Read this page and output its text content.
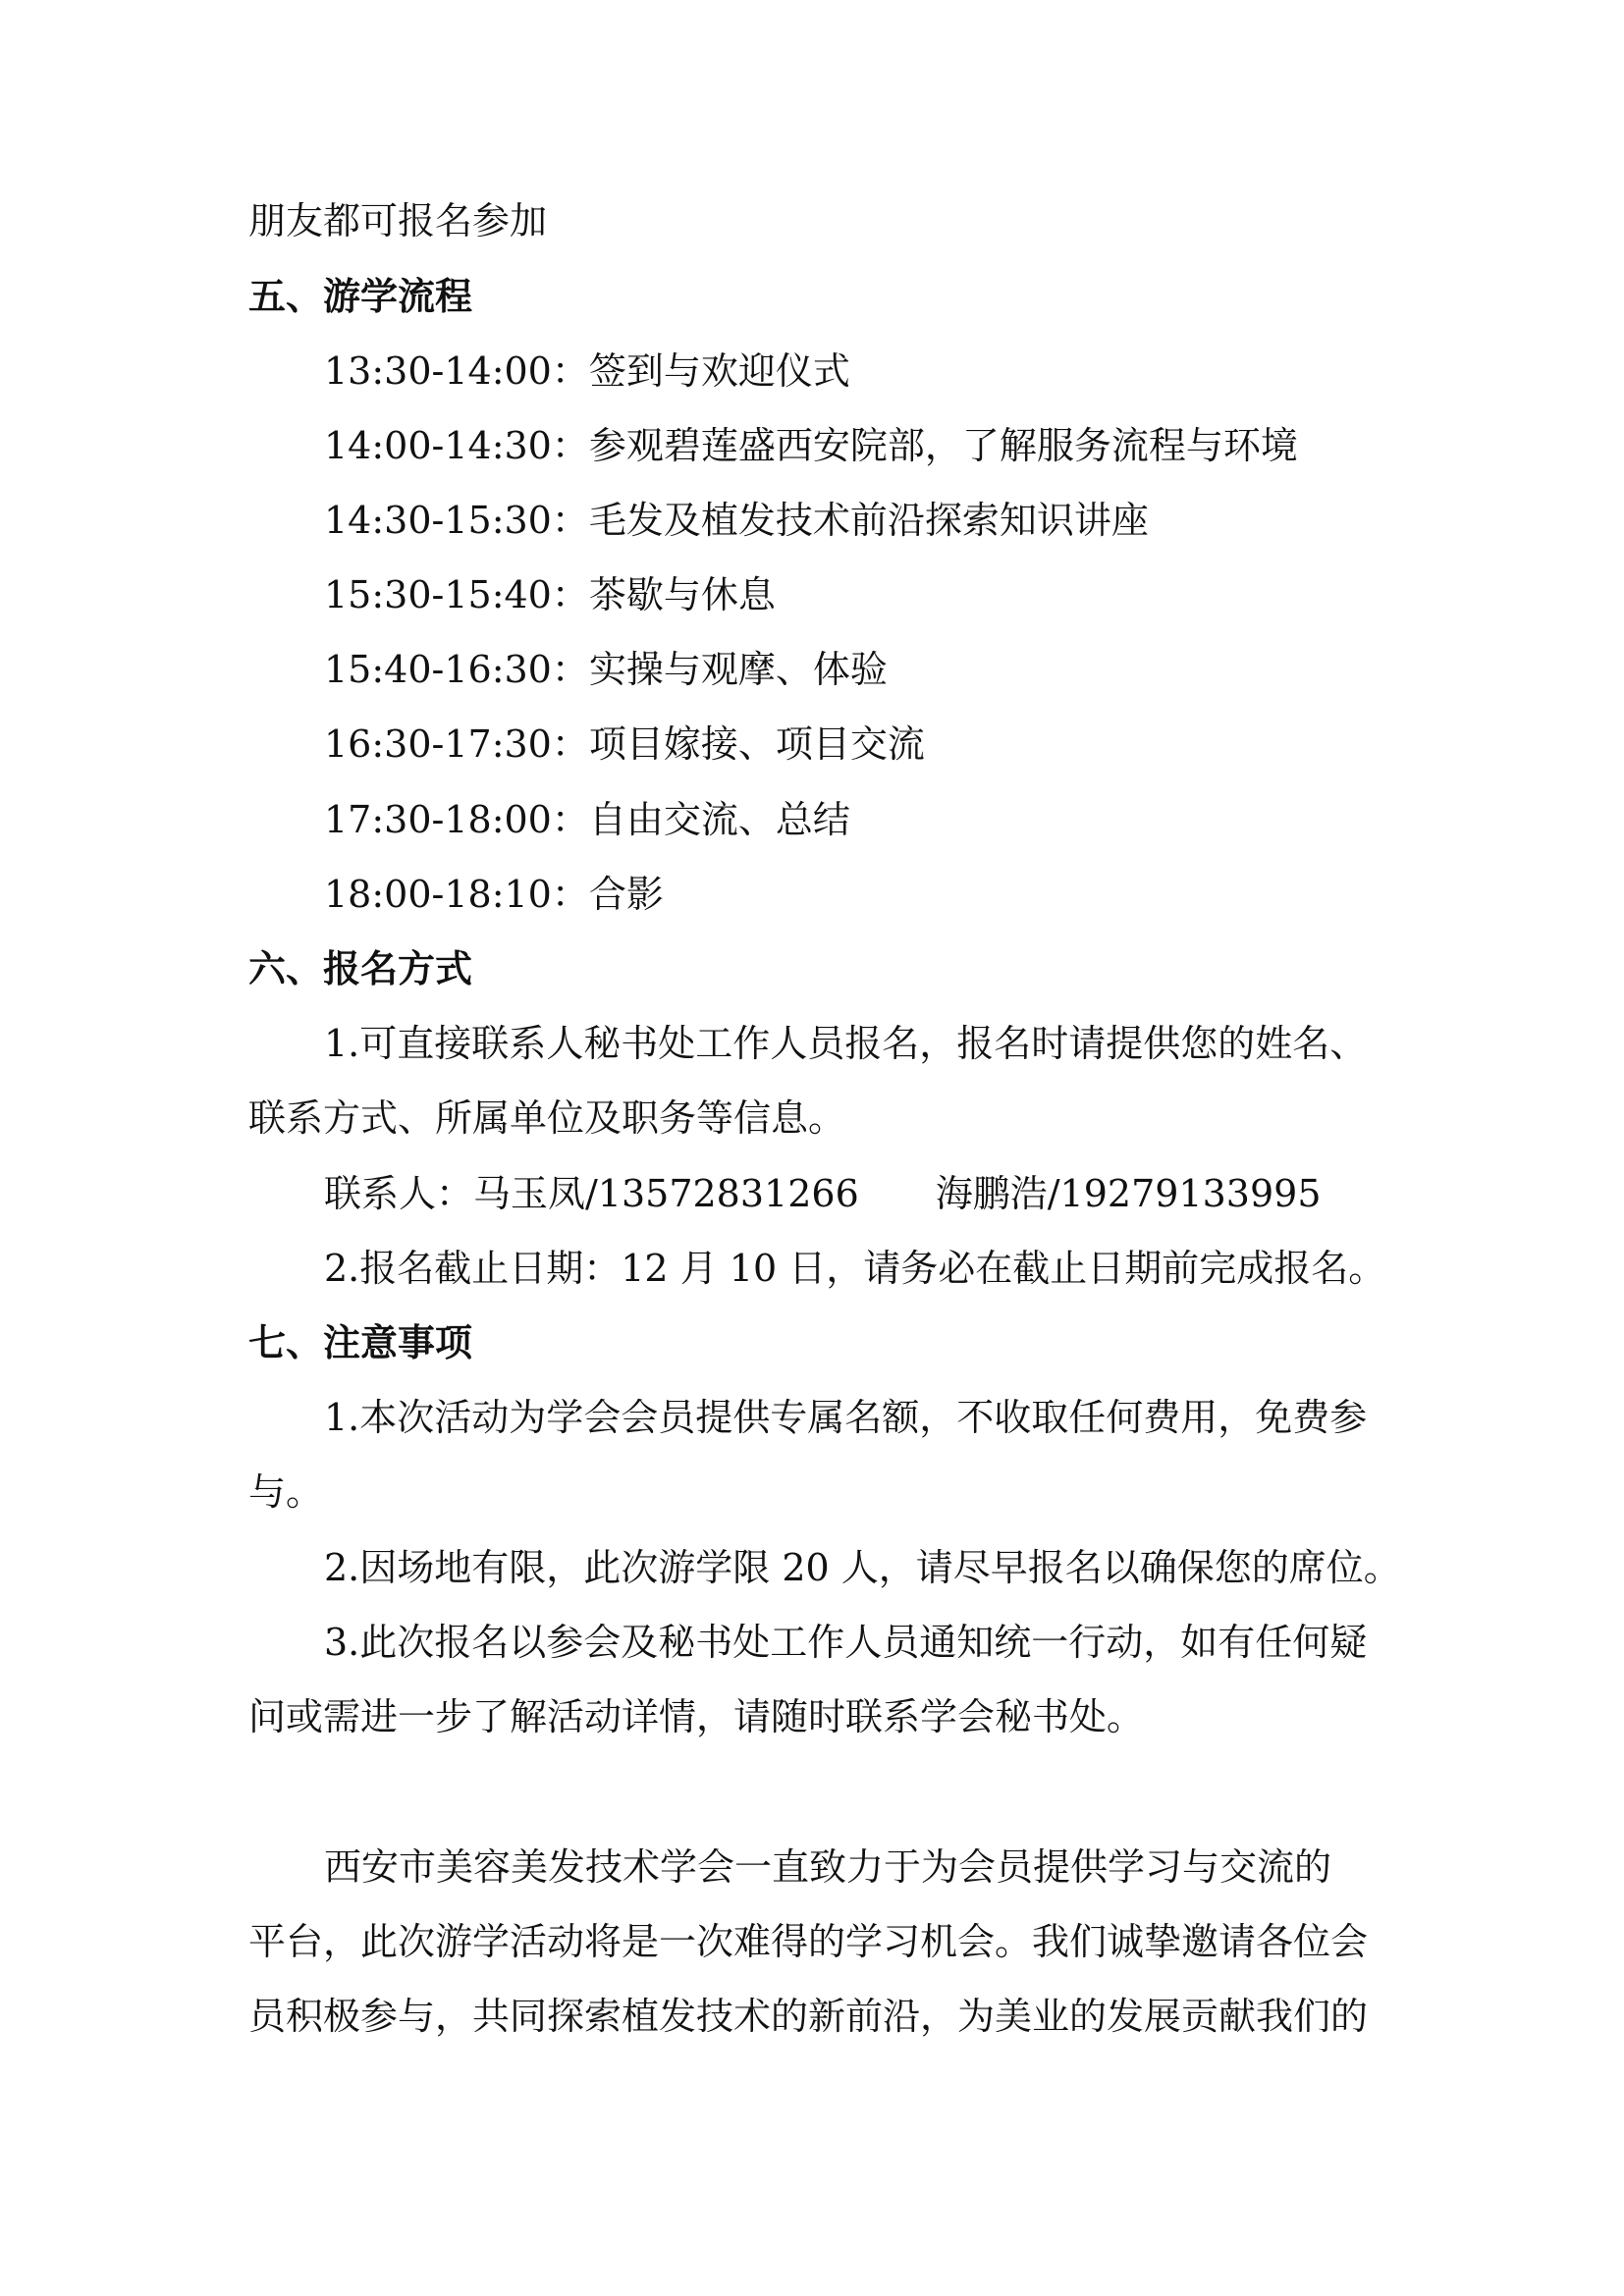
朋友都可报名参加
五、游学流程
13:30-14:00：签到与欢迎仪式
14:00-14:30：参观碧莲盛西安院部，了解服务流程与环境
14:30-15:30：毛发及植发技术前沿探索知识讲座
15:30-15:40：茶歇与休息
15:40-16:30：实操与观摩、体验
16:30-17:30：项目嫁接、项目交流
17:30-18:00：自由交流、总结
18:00-18:10：合影
六、报名方式
1.可直接联系人秘书处工作人员报名，报名时请提供您的姓名、
联系方式、所属单位及职务等信息。
联系人：马玉凤/13572831266 海鹏浩/19279133995
2.报名截止日期：12 月 10 日，请务必在截止日期前完成报名。
七、注意事项
1.本次活动为学会会员提供专属名额，不收取任何费用，免费参
与。
2.因场地有限，此次游学限 20 人，请尽早报名以确保您的席位。
3.此次报名以参会及秘书处工作人员通知统一行动，如有任何疑
问或需进一步了解活动详情，请随时联系学会秘书处。
西安市美容美发技术学会一直致力于为会员提供学习与交流的
平台，此次游学活动将是一次难得的学习机会。我们诚挚邀请各位会
员积极参与，共同探索植发技术的新前沿，为美业的发展贡献我们的
